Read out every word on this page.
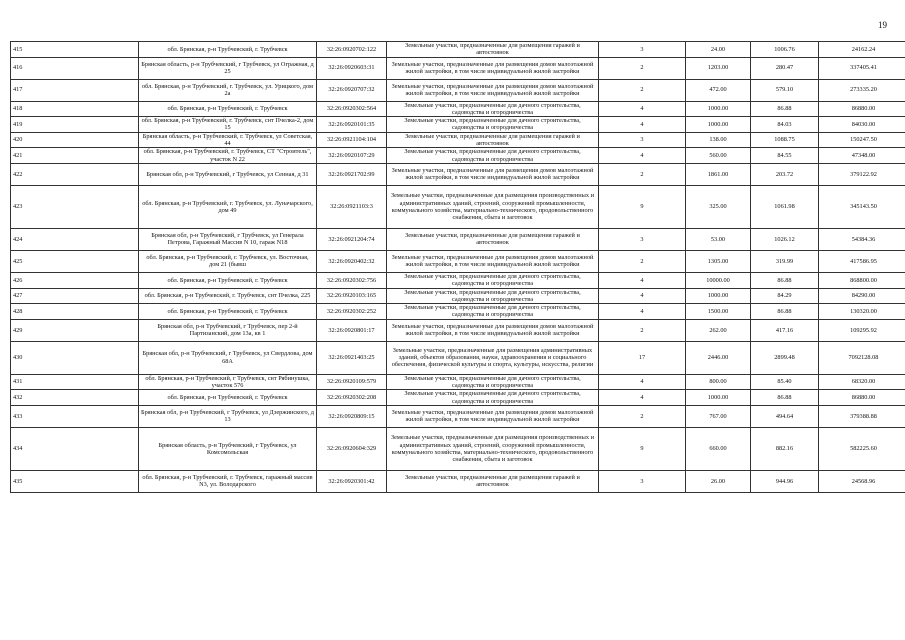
19
415	обл. Брянская, р-н Трубчевский, г. Трубчевск	32:26:0920702:122	Земельные участки, предназначенные для размещения гаражей и автостоянок	3	24.00	1006.76	24162.24
416	Брянская область, р-н Трубчевский, г Трубчевск, ул Огражная, д 25	32:26:0920603:31	Земельные участки, предназначенные для размещения домов малоэтажной жилой застройки, в том числе индивидуальной жилой застройки	2	1203.00	280.47	337405.41
417	обл. Брянская, р-н Трубчевский, г. Трубчевск, ул. Урицкого, дом 2а	32:26:0920707:32	Земельные участки, предназначенные для размещения домов малоэтажной жилой застройки, в том числе индивидуальной жилой застройки	2	472.00	579.10	273335.20
418	обл. Брянская, р-н Трубчевский, г. Трубчевск	32:26:0920302:564	Земельные участки, предназначенные для дачного строительства, садоводства и огородничества	4	1000.00	86.88	86880.00
419	обл. Брянская, р-н Трубчевский, г. Трубчевск, снт Пчелка-2, дом 15	32:26:0920101:35	Земельные участки, предназначенные для дачного строительства, садоводства и огородничества	4	1000.00	84.03	84030.00
420	Брянская область, р-н Трубчевский, г. Трубчевск, ул Советская, 44	32:26:0921104:104	Земельные участки, предназначенные для размещения гаражей и автостоянок	3	138.00	1088.75	150247.50
421	обл. Брянская, р-н Трубчевский, г. Трубчевск, СТ "Строитель", участок N 22	32:26:0920107:29	Земельные участки, предназначенные для дачного строительства, садоводства и огородничества	4	560.00	84.55	47348.00
422	Брянская обл, р-н Трубчевский, г Трубчевск, ул Сенная, д 31	32:26:0921702:99	Земельные участки, предназначенные для размещения домов малоэтажной жилой застройки, в том числе индивидуальной жилой застройки	2	1861.00	203.72	379122.92
423	обл. Брянская, р-н Трубчевский, г. Трубчевск, ул. Луначарского, дом 49	32:26:0921103:3	Земельные участки, предназначенные для размещения производственных и административных зданий, строений, сооружений промышленности, коммунального хозяйства, материально-технического, продовольственного снабжения, сбыта и заготовок	9	325.00	1061.98	345143.50
424	Брянская обл, р-н Трубчевский, г Трубчевск, ул Генерала Петрова, Гаражный Массив N 10, гараж N18	32:26:0921204:74	Земельные участки, предназначенные для размещения гаражей и автостоянок	3	53.00	1026.12	54384.36
425	обл. Брянская, р-н Трубчевский, г. Трубчевск, ул. Восточная, дом 21 (бывш	32:26:0920402:32	Земельные участки, предназначенные для размещения домов малоэтажной жилой застройки, в том числе индивидуальной жилой застройки	2	1305.00	319.99	417586.95
426	обл. Брянская, р-н Трубчевский, г. Трубчевск	32:26:0920302:756	Земельные участки, предназначенные для дачного строительства, садоводства и огородничества	4	10000.00	86.88	868800.00
427	обл. Брянская, р-н Трубчевский, г. Трубчевск, снт Пчелка, 225	32:26:0920103:165	Земельные участки, предназначенные для дачного строительства, садоводства и огородничества	4	1000.00	84.29	84290.00
428	обл. Брянская, р-н Трубчевский, г. Трубчевск	32:26:0920302:252	Земельные участки, предназначенные для дачного строительства, садоводства и огородничества	4	1500.00	86.88	130320.00
429	Брянская обл, р-н Трубчевский, г Трубчевск, пер 2-й Партизанский, дом 13а, кв 1	32:26:0920801:17	Земельные участки, предназначенные для размещения домов малоэтажной жилой застройки, в том числе индивидуальной жилой застройки	2	262.00	417.16	109295.92
430	Брянская обл, р-н Трубчевский, г Трубчевск, ул Свердлова, дом 68А	32:26:0921403:25	Земельные участки, предназначенные для размещения административных зданий, объектов образования, науки, здравоохранения и социального обеспечения, физической культуры и спорта, культуры, искусства, религии	17	2446.00	2899.48	7092128.08
431	обл. Брянская, р-н Трубчевский, г Трубчевск, снт Рябинушка, участок 576	32:26:0920109:579	Земельные участки, предназначенные для дачного строительства, садоводства и огородничества	4	800.00	85.40	68320.00
432	обл. Брянская, р-н Трубчевский, г. Трубчевск	32:26:0920302:208	Земельные участки, предназначенные для дачного строительства, садоводства и огородничества	4	1000.00	86.88	86880.00
433	Брянская обл, р-н Трубчевский, г Трубчевск, ул Дзержинского, д 13	32:26:0920809:15	Земельные участки, предназначенные для размещения домов малоэтажной жилой застройки, в том числе индивидуальной жилой застройки	2	767.00	494.64	379388.88
434	Брянская область, р-н Трубчевский, г Трубчевск, ул Комсомольская	32:26:0920604:329	Земельные участки, предназначенные для размещения производственных и административных зданий, строений, сооружений промышленности, коммунального хозяйства, материально-технического, продовольственного снабжения, сбыта и заготовок	9	660.00	882.16	582225.60
435	обл. Брянская, р-н Трубчевский, г. Трубчевск, гаражный массив N3, ул. Володарского	32:26:0920301:42	Земельные участки, предназначенные для размещения гаражей и автостоянок	3	26.00	944.96	24568.96
